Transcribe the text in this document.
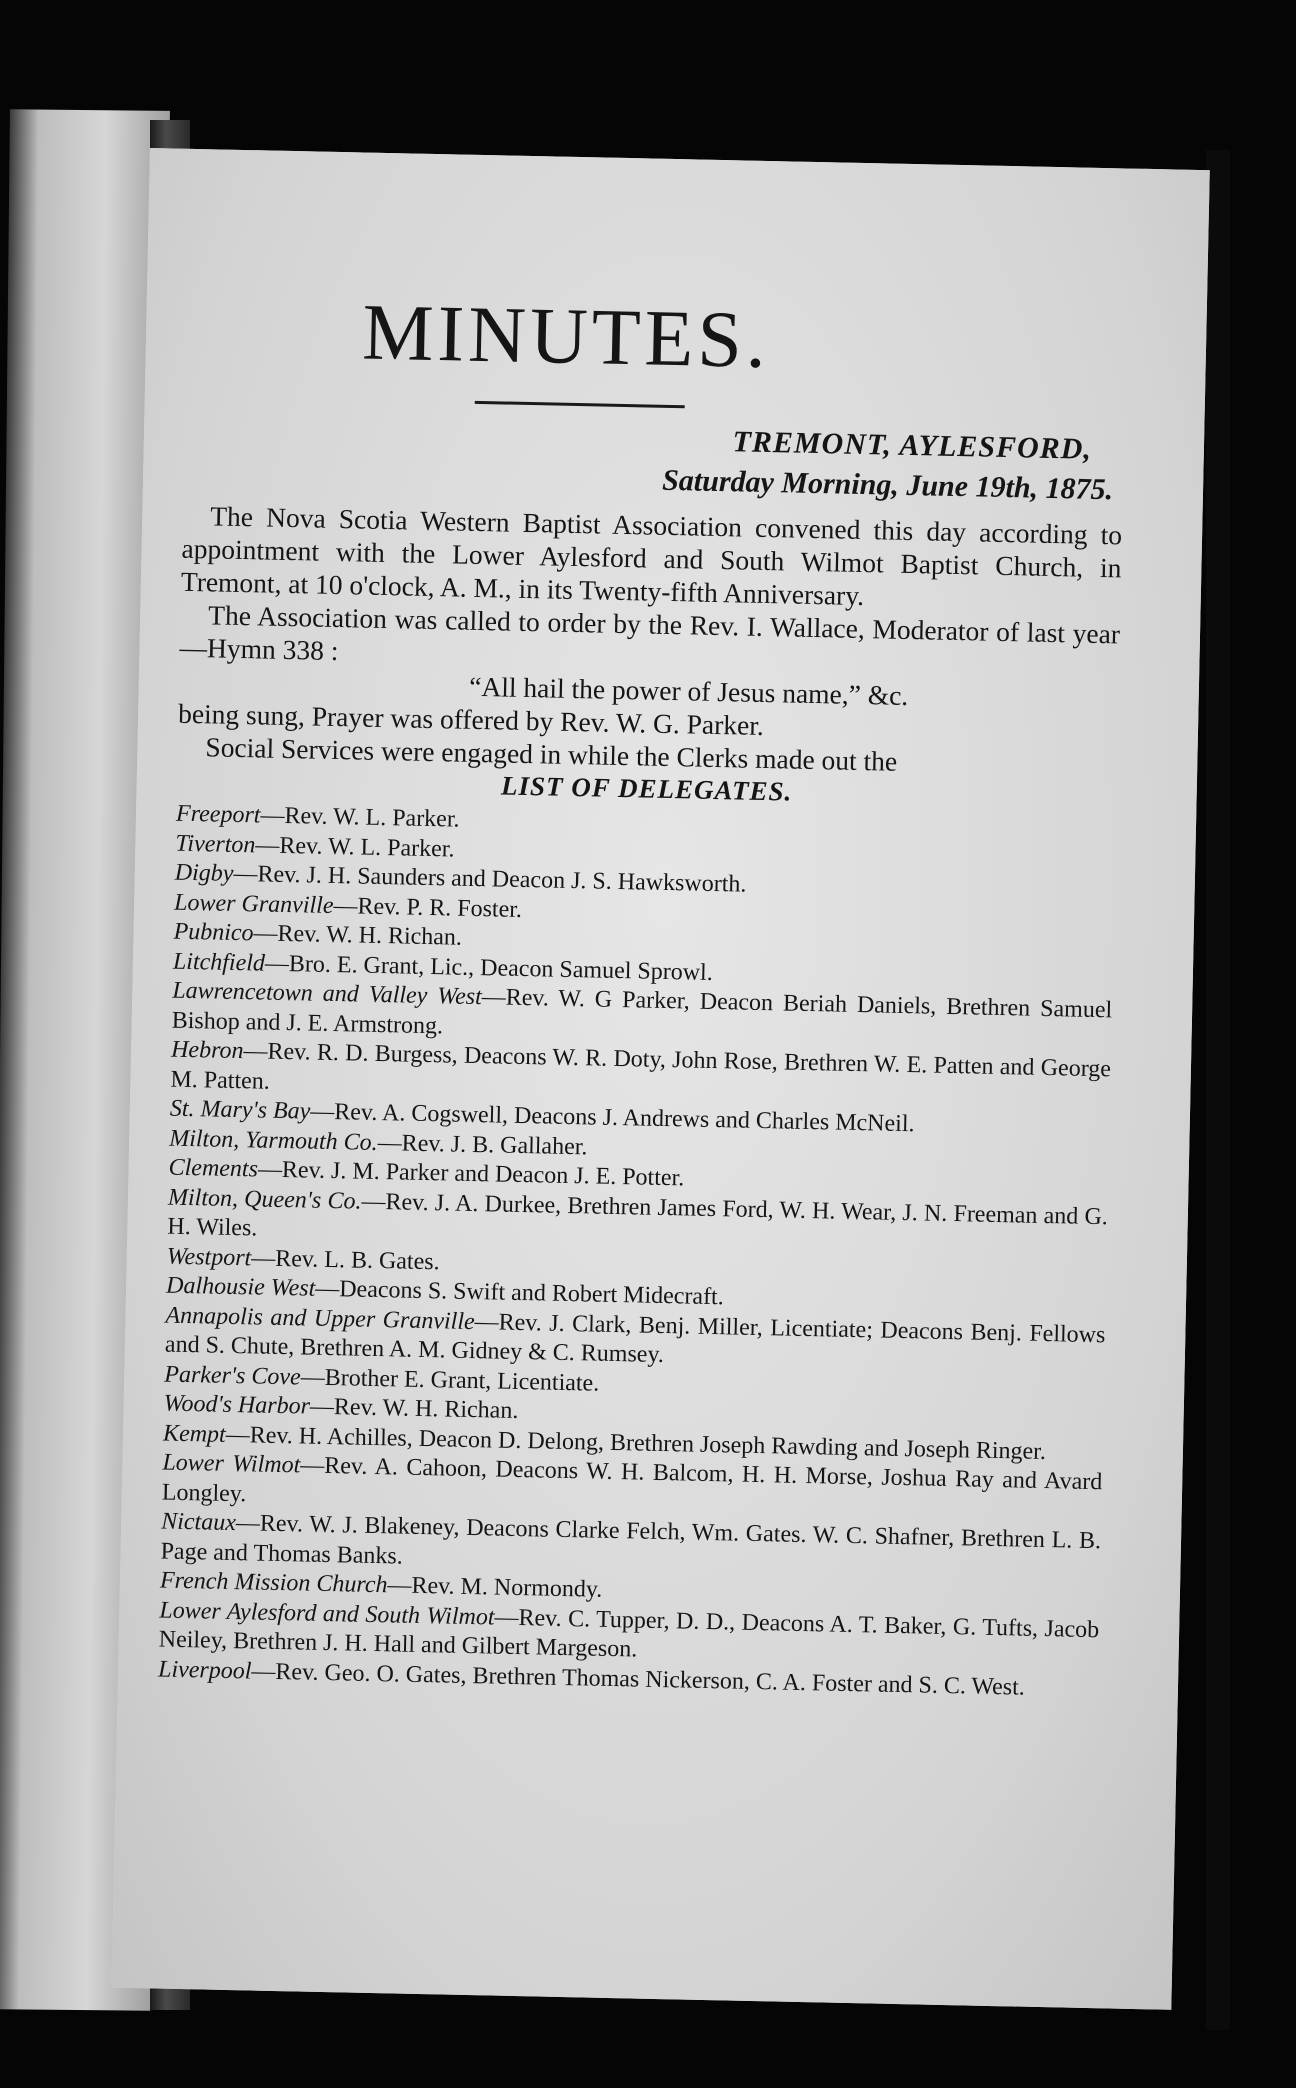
MINUTES.
TREMONT, AYLESFORD,
Saturday Morning, June 19th, 1875.

The Nova Scotia Western Baptist Association convened this day according to appointment with the Lower Aylesford and South Wilmot Baptist Church, in Tremont, at 10 o'clock, A. M., in its Twenty-fifth Anniversary.

The Association was called to order by the Rev. I. Wallace, Moderator of last year—Hymn 338 :

“All hail the power of Jesus name,” &c.

being sung, Prayer was offered by Rev. W. G. Parker.

Social Services were engaged in while the Clerks made out the

LIST OF DELEGATES.

Freeport—Rev. W. L. Parker.

Tiverton—Rev. W. L. Parker.

Digby—Rev. J. H. Saunders and Deacon J. S. Hawksworth.

Lower Granville—Rev. P. R. Foster.

Pubnico—Rev. W. H. Richan.

Litchfield—Bro. E. Grant, Lic., Deacon Samuel Sprowl.

Lawrencetown and Valley West—Rev. W. G Parker, Deacon Beriah Daniels, Brethren Samuel Bishop and J. E. Armstrong.

Hebron—Rev. R. D. Burgess, Deacons W. R. Doty, John Rose, Brethren W. E. Patten and George M. Patten.

St. Mary's Bay—Rev. A. Cogswell, Deacons J. Andrews and Charles McNeil.

Milton, Yarmouth Co.—Rev. J. B. Gallaher.

Clements—Rev. J. M. Parker and Deacon J. E. Potter.

Milton, Queen's Co.—Rev. J. A. Durkee, Brethren James Ford, W. H. Wear, J. N. Freeman and G. H. Wiles.

Westport—Rev. L. B. Gates.

Dalhousie West—Deacons S. Swift and Robert Midecraft.

Annapolis and Upper Granville—Rev. J. Clark, Benj. Miller, Licentiate; Deacons Benj. Fellows and S. Chute, Brethren A. M. Gidney & C. Rumsey.

Parker's Cove—Brother E. Grant, Licentiate.

Wood's Harbor—Rev. W. H. Richan.

Kempt—Rev. H. Achilles, Deacon D. Delong, Brethren Joseph Rawding and Joseph Ringer.

Lower Wilmot—Rev. A. Cahoon, Deacons W. H. Balcom, H. H. Morse, Joshua Ray and Avard Longley.

Nictaux—Rev. W. J. Blakeney, Deacons Clarke Felch, Wm. Gates. W. C. Shafner, Brethren L. B. Page and Thomas Banks.

French Mission Church—Rev. M. Normondy.

Lower Aylesford and South Wilmot—Rev. C. Tupper, D. D., Deacons A. T. Baker, G. Tufts, Jacob Neiley, Brethren J. H. Hall and Gilbert Margeson.

Liverpool—Rev. Geo. O. Gates, Brethren Thomas Nickerson, C. A. Foster and S. C. West.
